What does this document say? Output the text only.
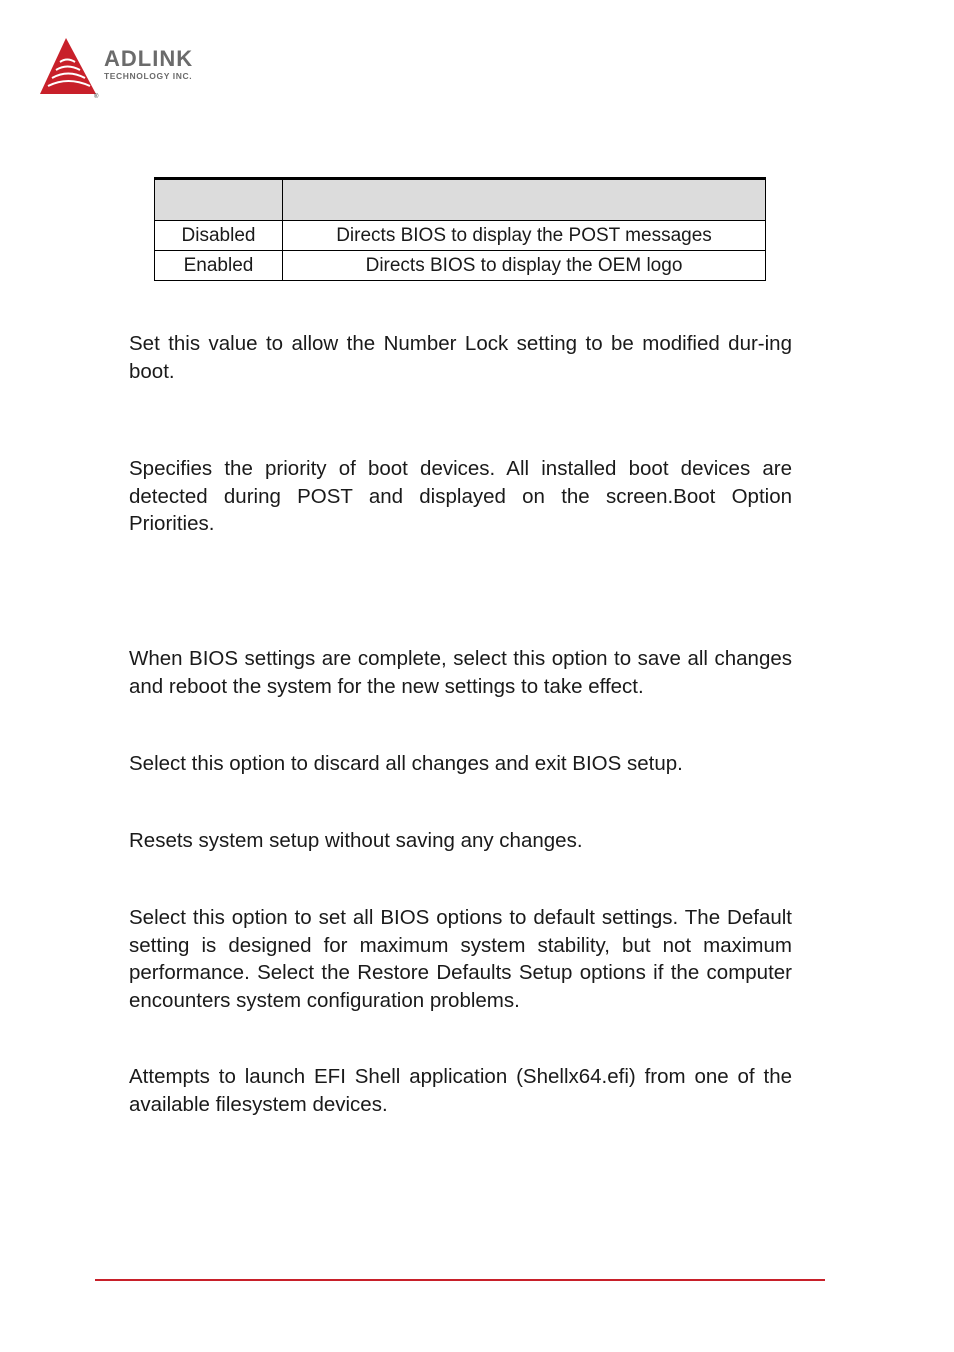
®
ADLINK
TECHNOLOGY INC.

Disabled	Directs BIOS to display the POST messages
Enabled	Directs BIOS to display the OEM logo

Set this value to allow the Number Lock setting to be modified dur-ing boot.

Specifies the priority of boot devices. All installed boot devices are detected during POST and displayed on the screen.Boot Option Priorities.

When BIOS settings are complete, select this option to save all changes and reboot the system for the new settings to take effect.

Select this option to discard all changes and exit BIOS setup.

Resets system setup without saving any changes.

Select this option to set all BIOS options to default settings. The Default setting is designed for maximum system stability, but not maximum performance. Select the Restore Defaults Setup options if the computer encounters system configuration problems.

Attempts to launch EFI Shell application (Shellx64.efi) from one of the available filesystem devices.
